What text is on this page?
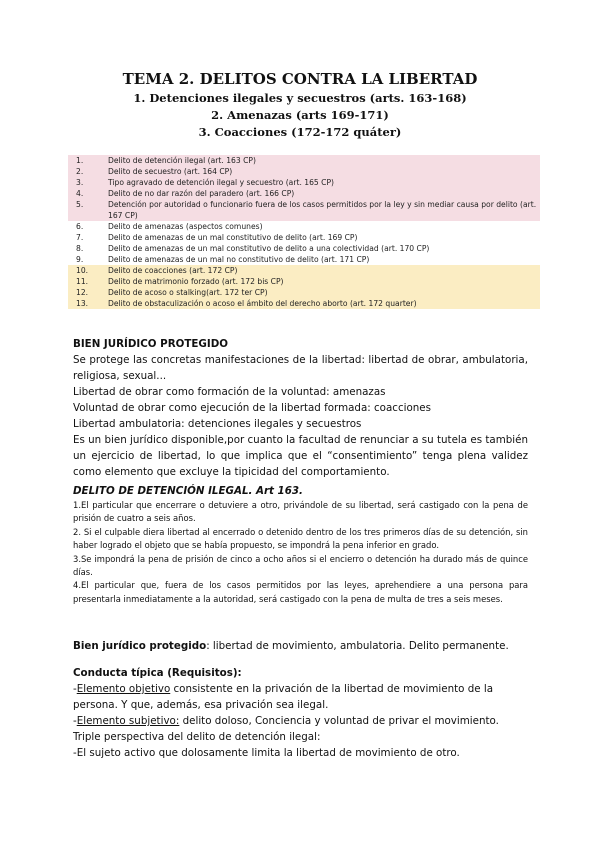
TEMA 2. DELITOS CONTRA LA LIBERTAD
1. Detenciones ilegales y secuestros (arts. 163-168)
2. Amenazas (arts 169-171)
3. Coacciones (172-172 quáter)
1.	Delito de detención ilegal (art. 163 CP)
2.	Delito de secuestro (art. 164 CP)
3.	Tipo agravado de detención ilegal y secuestro (art. 165 CP)
4.	Delito de no dar razón del paradero (art. 166 CP)
5.	Detención por autoridad o funcionario fuera de los casos permitidos por la ley y sin mediar causa por delito (art. 167 CP)
6.	Delito de amenazas (aspectos comunes)
7.	Delito de amenazas de un mal constitutivo de delito (art. 169 CP)
8.	Delito de amenazas de un mal constitutivo de delito a una colectividad (art. 170 CP)
9.	Delito de amenazas de un mal no constitutivo de delito (art. 171 CP)
10.	Delito de coacciones (art. 172 CP)
11.	Delito de matrimonio forzado (art. 172 bis CP)
12.	Delito de acoso o stalking(art. 172 ter CP)
13.	Delito de obstaculización o acoso el ámbito del derecho aborto (art. 172 quarter)

BIEN JURÍDICO PROTEGIDO

Se protege las concretas manifestaciones de la libertad: libertad de obrar, ambulatoria, religiosa, sexual...

Libertad de obrar como formación de la voluntad: amenazas

Voluntad de obrar como ejecución de la libertad formada: coacciones

Libertad ambulatoria: detenciones ilegales y secuestros

Es un bien jurídico disponible,por cuanto la facultad de renunciar a su tutela es también un ejercicio de libertad, lo que implica que el “consentimiento” tenga plena validez como elemento que excluye la tipicidad del comportamiento.

DELITO DE DETENCIÓN ILEGAL. Art 163.

1.El particular que encerrare o detuviere a otro, privándole de su libertad, será castigado con la pena de prisión de cuatro a seis años.

2. Si el culpable diera libertad al encerrado o detenido dentro de los tres primeros días de su detención, sin haber logrado el objeto que se había propuesto, se impondrá la pena inferior en grado.

3.Se impondrá la pena de prisión de cinco a ocho años si el encierro o detención ha durado más de quince días.

4.El particular que, fuera de los casos permitidos por las leyes, aprehendiere a una persona para presentarla inmediatamente a la autoridad, será castigado con la pena de multa de tres a seis meses.

Bien jurídico protegido: libertad de movimiento, ambulatoria. Delito permanente.

Conducta típica (Requisitos):

-Elemento objetivo consistente en la privación de la libertad de movimiento de la persona. Y que, además, esa privación sea ilegal.

-Elemento subjetivo: delito doloso, Conciencia y voluntad de privar el movimiento.

Triple perspectiva del delito de detención ilegal:

-El sujeto activo que dolosamente limita la libertad de movimiento de otro.
